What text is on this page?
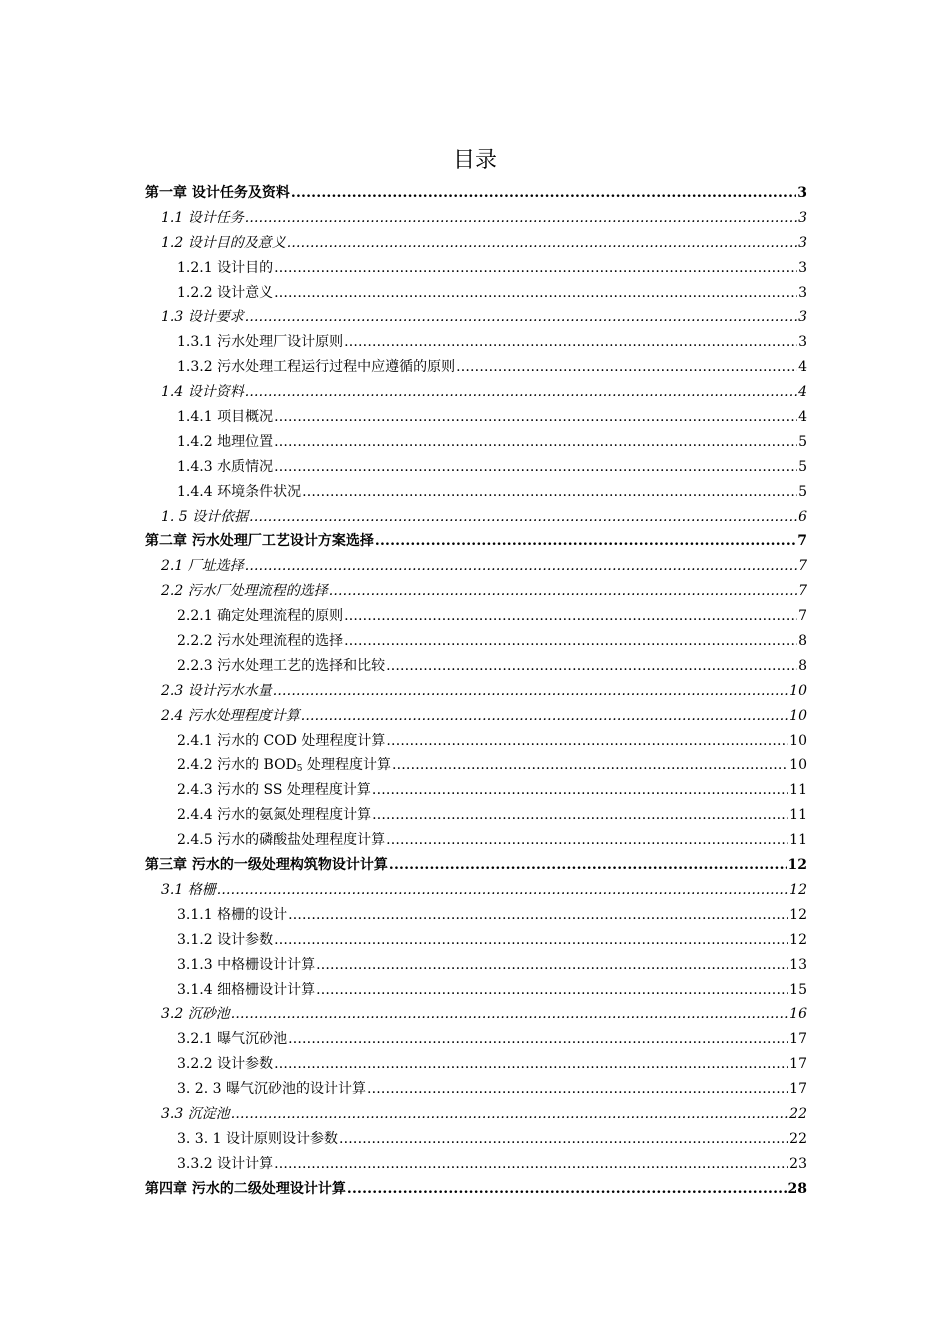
目录
第一章 设计任务及资料 .....	3
1.1 设计任务 .....	3
1.2 设计目的及意义 .....	3
1.2.1 设计目的 .....	3
1.2.2 设计意义 .....	3
1.3 设计要求 .....	3
1.3.1 污水处理厂设计原则 .....	3
1.3.2 污水处理工程运行过程中应遵循的原则 .....	4
1.4 设计资料 .....	4
1.4.1 项目概况 .....	4
1.4.2 地理位置 .....	5
1.4.3 水质情况 .....	5
1.4.4 环境条件状况 .....	5
1. 5 设计依据 .....	6
第二章 污水处理厂工艺设计方案选择 .....	7
2.1 厂址选择 .....	7
2.2 污水厂处理流程的选择 .....	7
2.2.1 确定处理流程的原则 .....	7
2.2.2 污水处理流程的选择 .....	8
2.2.3 污水处理工艺的选择和比较 .....	8
2.3 设计污水水量 .....	10
2.4 污水处理程度计算 .....	10
2.4.1 污水的 COD 处理程度计算 .....	10
2.4.2 污水的 $BOD_5$ 处理程度计算 .....	10
2.4.3 污水的 SS 处理程度计算 .....	11
2.4.4 污水的氨氮处理程度计算 .....	11
2.4.5 污水的磷酸盐处理程度计算 .....	11
第三章 污水的一级处理构筑物设计计算 .....	12
3.1 格栅 .....	12
3.1.1 格栅的设计 .....	12
3.1.2 设计参数 .....	12
3.1.3 中格栅设计计算 .....	13
3.1.4 细格栅设计计算 .....	15
3.2 沉砂池 .....	16
3.2.1 曝气沉砂池 .....	17
3.2.2 设计参数 .....	17
3. 2. 3 曝气沉砂池的设计计算 .....	17
3.3 沉淀池 .....	22
3. 3. 1 设计原则设计参数 .....	22
3.3.2 设计计算 .....	23
第四章 污水的二级处理设计计算 .....	28
